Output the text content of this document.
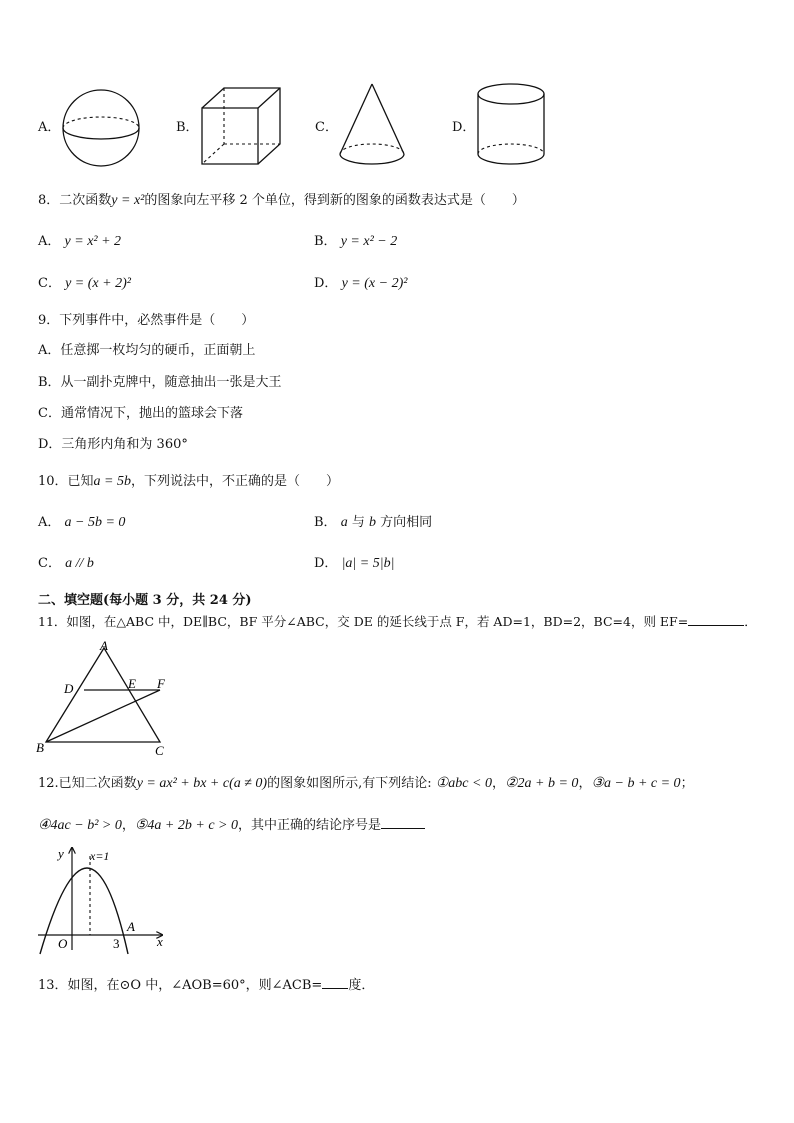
A．	B．	C．	D．
8．二次函数y = x²的图象向左平移 2 个单位，得到新的图象的函数表达式是（　　）
A． y = x² + 2	B． y = x² − 2
C． y = (x + 2)²	D． y = (x − 2)²
9．下列事件中，必然事件是（　　）
A．任意掷一枚均匀的硬币，正面朝上
B．从一副扑克牌中，随意抽出一张是大王
C．通常情况下，抛出的篮球会下落
D．三角形内角和为 360°
10．已知a = 5b，下列说法中，不正确的是（　　）
A． a − 5b = 0	B． a 与 b 方向相同
C． a // b	D． |a| = 5|b|
二、填空题(每小题 3 分，共 24 分)
11．如图，在△ABC 中，DE∥BC，BF 平分∠ABC，交 DE 的延长线于点 F，若 AD=1，BD=2，BC=4，则 EF=	．
A
D	E F
B	C
12.已知二次函数y = ax² + bx + c(a ≠ 0)的图象如图所示,有下列结论: ①abc < 0，②2a + b = 0，③a − b + c = 0；
④4ac − b² > 0，⑤4a + 2b + c > 0，其中正确的结论序号是
y x=1
O	3
A
x
13．如图，在⊙O 中，∠AOB=60°，则∠ACB= 度．
